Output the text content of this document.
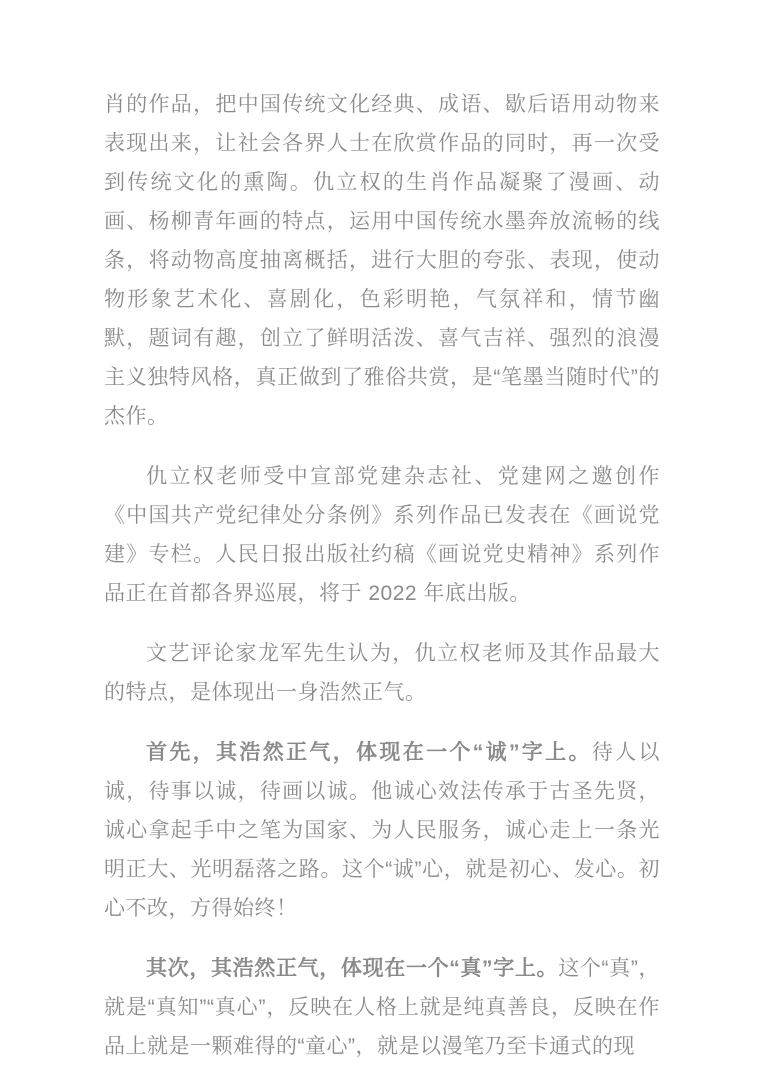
肖的作品，把中国传统文化经典、成语、歇后语用动物来表现出来，让社会各界人士在欣赏作品的同时，再一次受到传统文化的熏陶。仇立权的生肖作品凝聚了漫画、动画、杨柳青年画的特点，运用中国传统水墨奔放流畅的线条，将动物高度抽离概括，进行大胆的夸张、表现，使动物形象艺术化、喜剧化，色彩明艳，气氛祥和，情节幽默，题词有趣，创立了鲜明活泼、喜气吉祥、强烈的浪漫主义独特风格，真正做到了雅俗共赏，是“笔墨当随时代”的杰作。

仇立权老师受中宣部党建杂志社、党建网之邀创作《中国共产党纪律处分条例》系列作品已发表在《画说党建》专栏。人民日报出版社约稿《画说党史精神》系列作品正在首都各界巡展，将于 2022 年底出版。

文艺评论家龙军先生认为，仇立权老师及其作品最大的特点，是体现出一身浩然正气。

首先，其浩然正气，体现在一个“诚”字上。待人以诚，待事以诚，待画以诚。他诚心效法传承于古圣先贤，诚心拿起手中之笔为国家、为人民服务，诚心走上一条光明正大、光明磊落之路。这个“诚”心，就是初心、发心。初心不改，方得始终！

其次，其浩然正气，体现在一个“真”字上。这个“真”，就是“真知”“真心”，反映在人格上就是纯真善良，反映在作品上就是一颗难得的“童心”，就是以漫笔乃至卡通式的现
